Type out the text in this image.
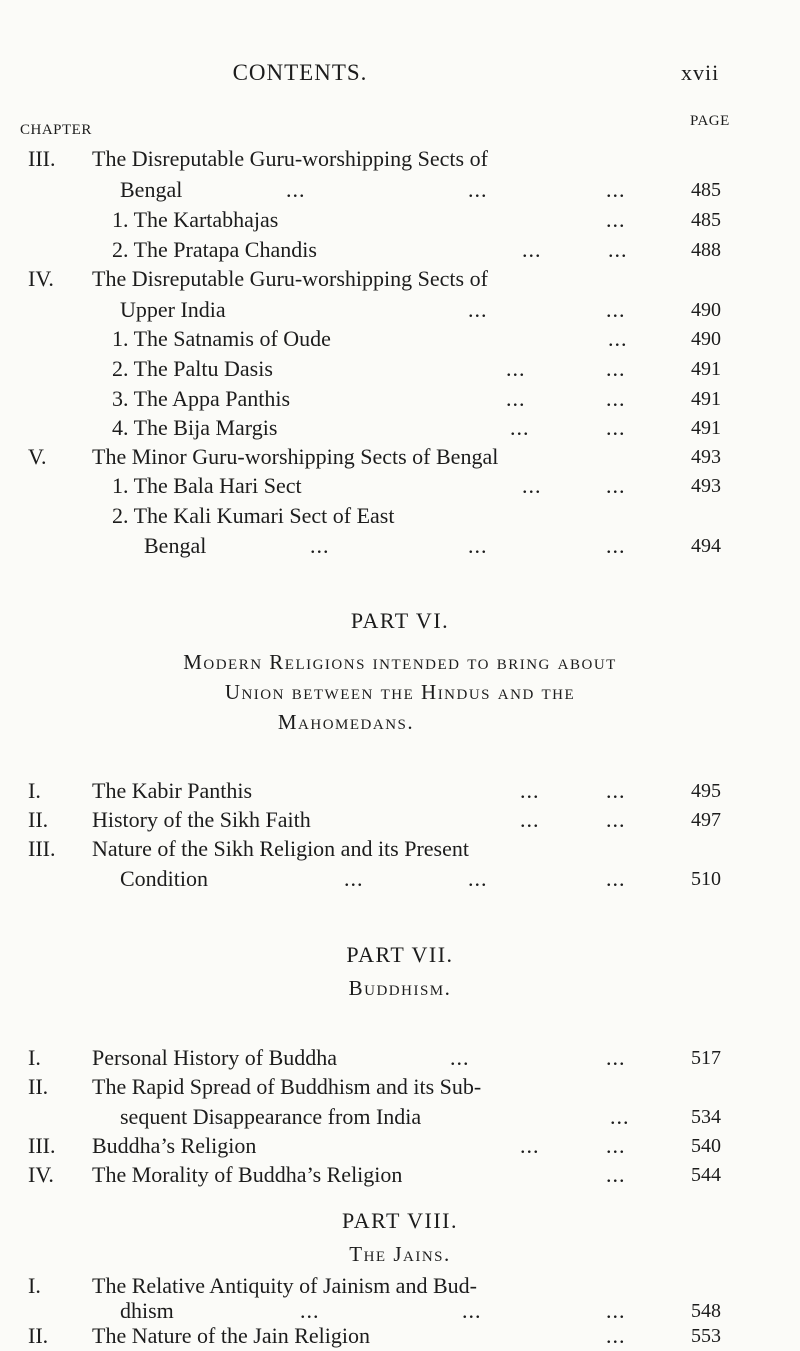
CONTENTS.	xvii
CHAPTER
PAGE
III. The Disreputable Guru-worshipping Sects of
Bengal	...	...	...	485
1. The Kartabhajas	...	485
2. The Pratapa Chandis	...	...	488
IV. The Disreputable Guru-worshipping Sects of
Upper India	...	...	490
1. The Satnamis of Oude	...	490
2. The Paltu Dasis	...	...	491
3. The Appa Panthis	...	...	491
4. The Bija Margis	...	...	491
V. The Minor Guru-worshipping Sects of Bengal	493
1. The Bala Hari Sect	...	...	493
2. The Kali Kumari Sect of East
Bengal	...	...	...	494
PART VI.
Modern Religions intended to bring about
Union between the Hindus and the
Mahomedans.
I. The Kabir Panthis	...	...	495
II. History of the Sikh Faith	...	...	497
III. Nature of the Sikh Religion and its Present
Condition	...	...	...	510
PART VII.
Buddhism.
I. Personal History of Buddha	...	...	517
II. The Rapid Spread of Buddhism and its Sub-
sequent Disappearance from India	...	534
III. Buddha’s Religion	...	...	540
IV. The Morality of Buddha’s Religion	...	544
PART VIII.
The Jains.
I. The Relative Antiquity of Jainism and Bud-
dhism	...	...	...	548
II. The Nature of the Jain Religion	...	553
